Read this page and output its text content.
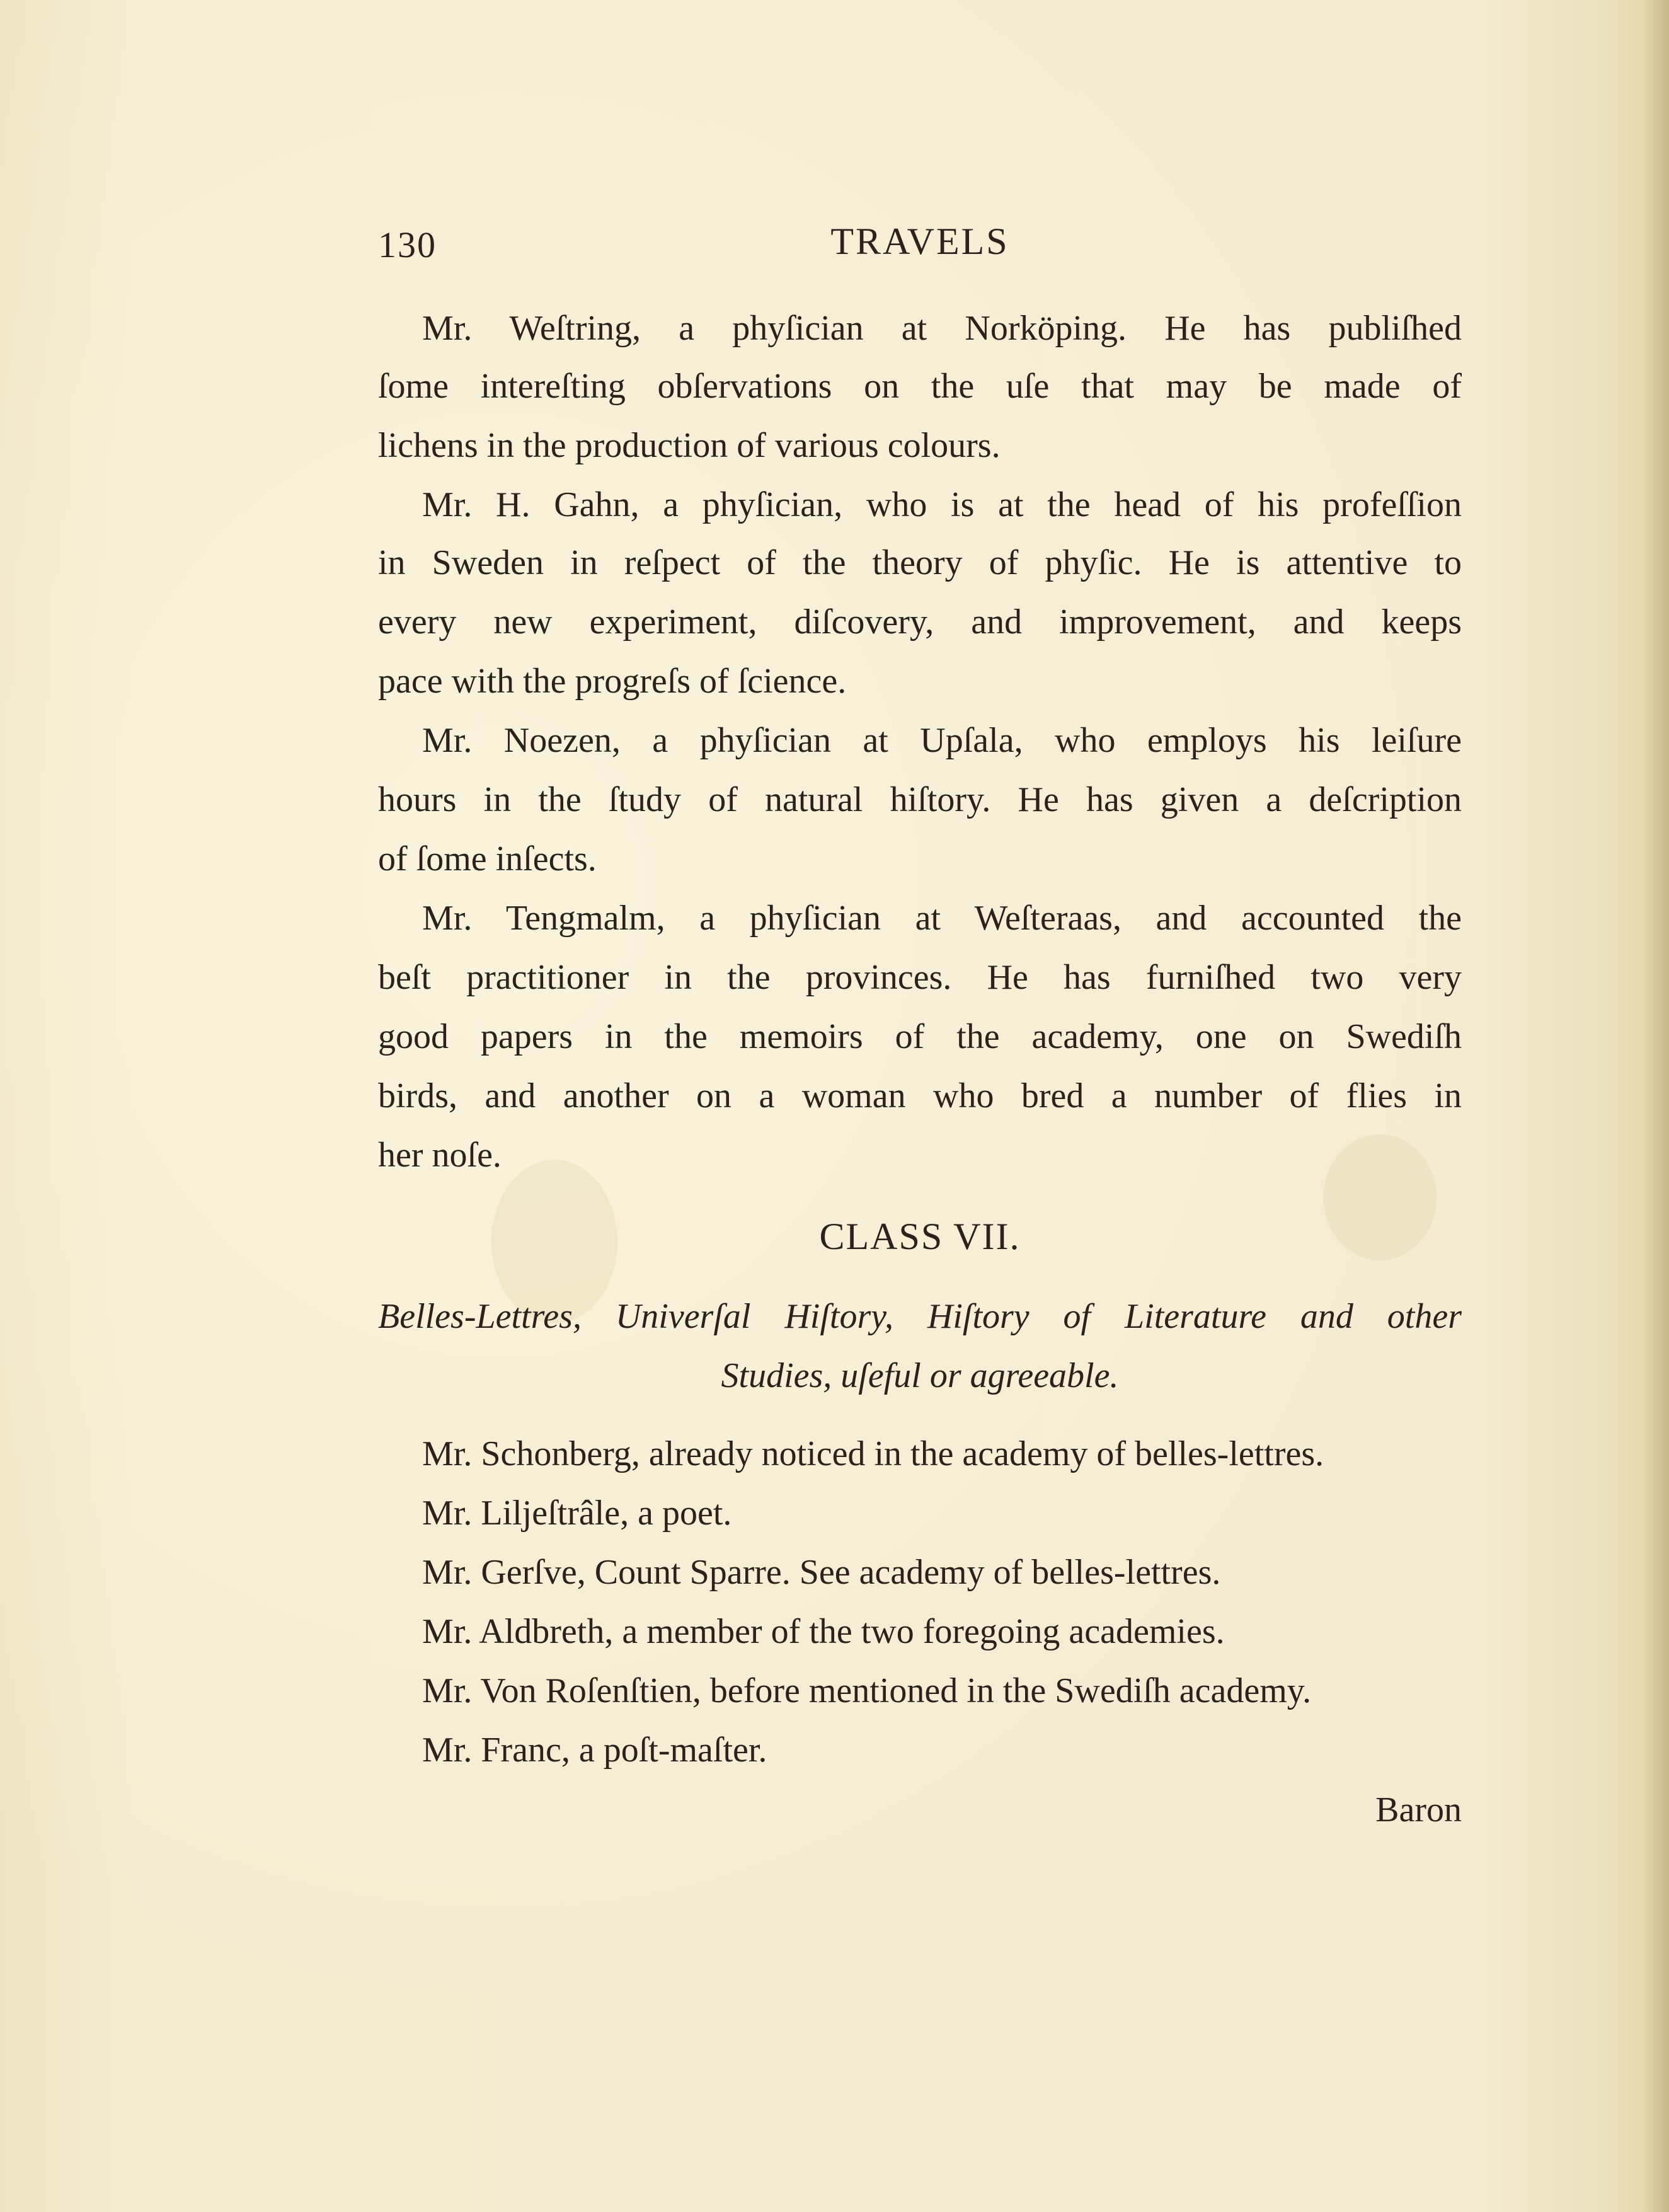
130	TRAVELS
Mr. Weſtring, a phyſician at Norköping. He has publiſhed
ſome intereſting obſervations on the uſe that may be made of
lichens in the production of various colours.
Mr. H. Gahn, a phyſician, who is at the head of his profeſſion
in Sweden in reſpect of the theory of phyſic. He is attentive to
every new experiment, diſcovery, and improvement, and keeps
pace with the progreſs of ſcience.
Mr. Noezen, a phyſician at Upſala, who employs his leiſure
hours in the ſtudy of natural hiſtory. He has given a deſcription
of ſome inſects.
Mr. Tengmalm, a phyſician at Weſteraas, and accounted the
beſt practitioner in the provinces. He has furniſhed two very
good papers in the memoirs of the academy, one on Swediſh
birds, and another on a woman who bred a number of flies in
her noſe.
CLASS VII.
Belles-Lettres, Univerſal Hiſtory, Hiſtory of Literature and other
Studies, uſeful or agreeable.
Mr. Schonberg, already noticed in the academy of belles-lettres.
Mr. Liljeſtrâle, a poet.
Mr. Gerſve, Count Sparre. See academy of belles-lettres.
Mr. Aldbreth, a member of the two foregoing academies.
Mr. Von Roſenſtien, before mentioned in the Swediſh academy.
Mr. Franc, a poſt-maſter.
Baron
